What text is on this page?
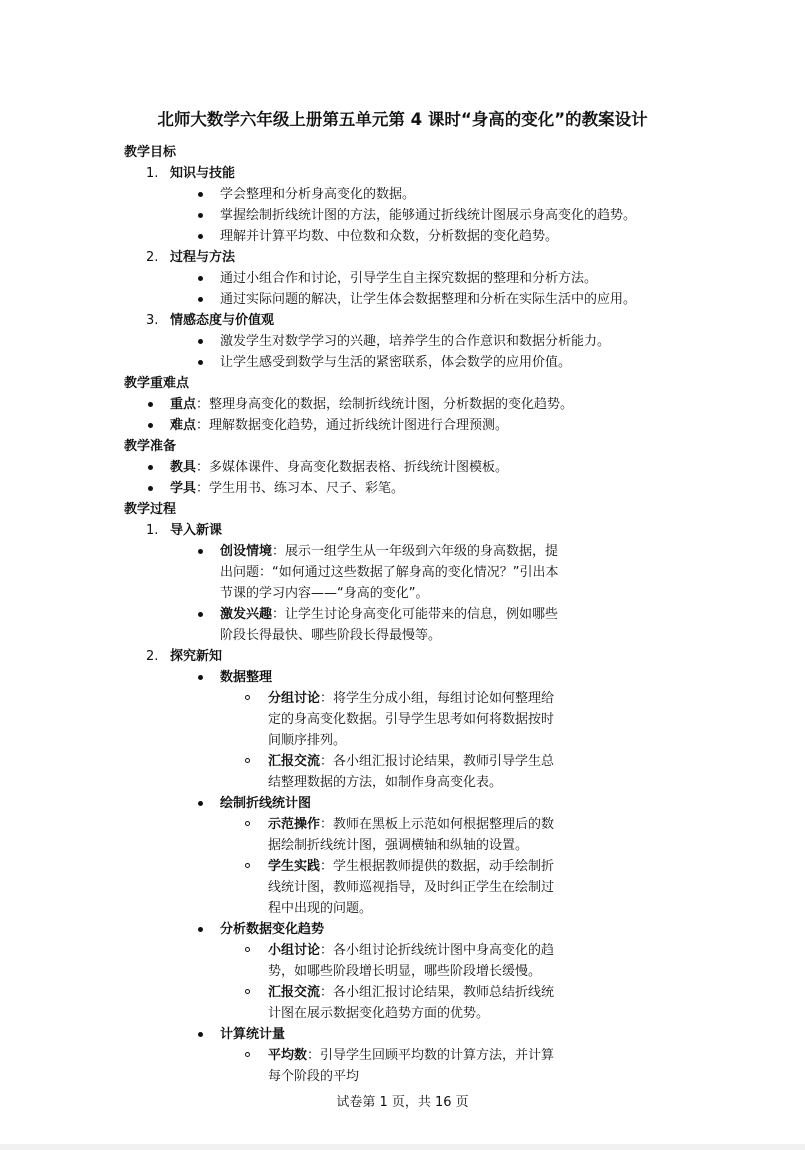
北师大数学六年级上册第五单元第 4 课时“身高的变化”的教案设计
教学目标
1. 知识与技能
学会整理和分析身高变化的数据。
掌握绘制折线统计图的方法，能够通过折线统计图展示身高变化的趋势。
理解并计算平均数、中位数和众数，分析数据的变化趋势。
2. 过程与方法
通过小组合作和讨论，引导学生自主探究数据的整理和分析方法。
通过实际问题的解决，让学生体会数据整理和分析在实际生活中的应用。
3. 情感态度与价值观
激发学生对数学学习的兴趣，培养学生的合作意识和数据分析能力。
让学生感受到数学与生活的紧密联系，体会数学的应用价值。
教学重难点
重点：整理身高变化的数据，绘制折线统计图，分析数据的变化趋势。
难点：理解数据变化趋势，通过折线统计图进行合理预测。
教学准备
教具：多媒体课件、身高变化数据表格、折线统计图模板。
学具：学生用书、练习本、尺子、彩笔。
教学过程
1. 导入新课
创设情境：展示一组学生从一年级到六年级的身高数据，提出问题：“如何通过这些数据了解身高的变化情况？”引出本节课的学习内容——“身高的变化”。
激发兴趣：让学生讨论身高变化可能带来的信息，例如哪些阶段长得最快、哪些阶段长得最慢等。
2. 探究新知
数据整理
分组讨论：将学生分成小组，每组讨论如何整理给定的身高变化数据。引导学生思考如何将数据按时间顺序排列。
汇报交流：各小组汇报讨论结果，教师引导学生总结整理数据的方法，如制作身高变化表。
绘制折线统计图
示范操作：教师在黑板上示范如何根据整理后的数据绘制折线统计图，强调横轴和纵轴的设置。
学生实践：学生根据教师提供的数据，动手绘制折线统计图，教师巡视指导，及时纠正学生在绘制过程中出现的问题。
分析数据变化趋势
小组讨论：各小组讨论折线统计图中身高变化的趋势，如哪些阶段增长明显，哪些阶段增长缓慢。
汇报交流：各小组汇报讨论结果，教师总结折线统计图在展示数据变化趋势方面的优势。
计算统计量
平均数：引导学生回顾平均数的计算方法，并计算每个阶段的平均
试卷第 1 页，共 16 页
